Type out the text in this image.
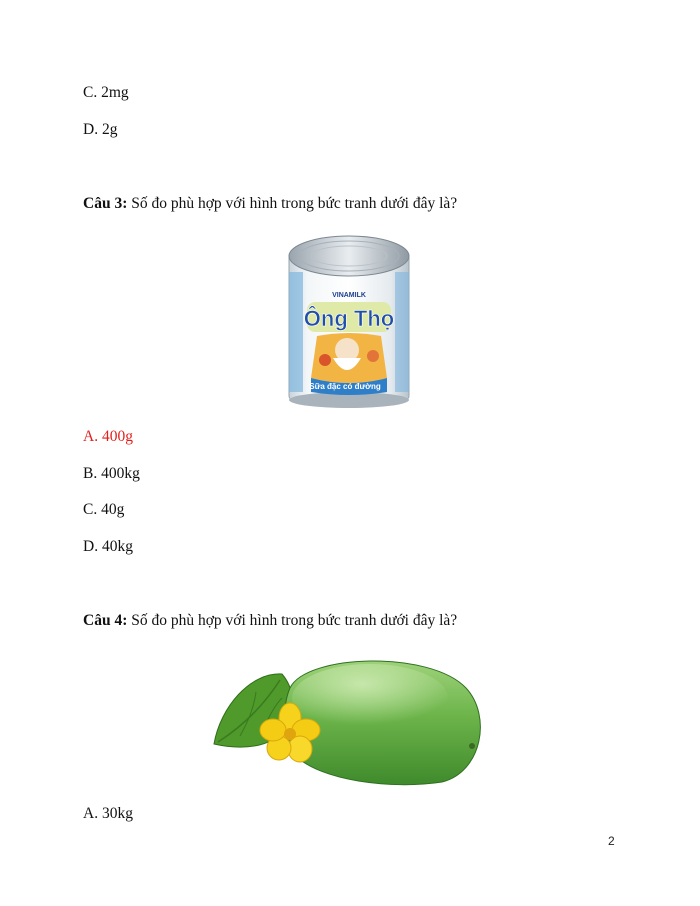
C. 2mg
D. 2g
Câu 3: Số đo phù hợp với hình trong bức tranh dưới đây là?
VINAMILK
Ông Thọ
Sữa đặc có đường
A. 400g
B. 400kg
C. 40g
D. 40kg
Câu 4: Số đo phù hợp với hình trong bức tranh dưới đây là?
A. 30kg
2
